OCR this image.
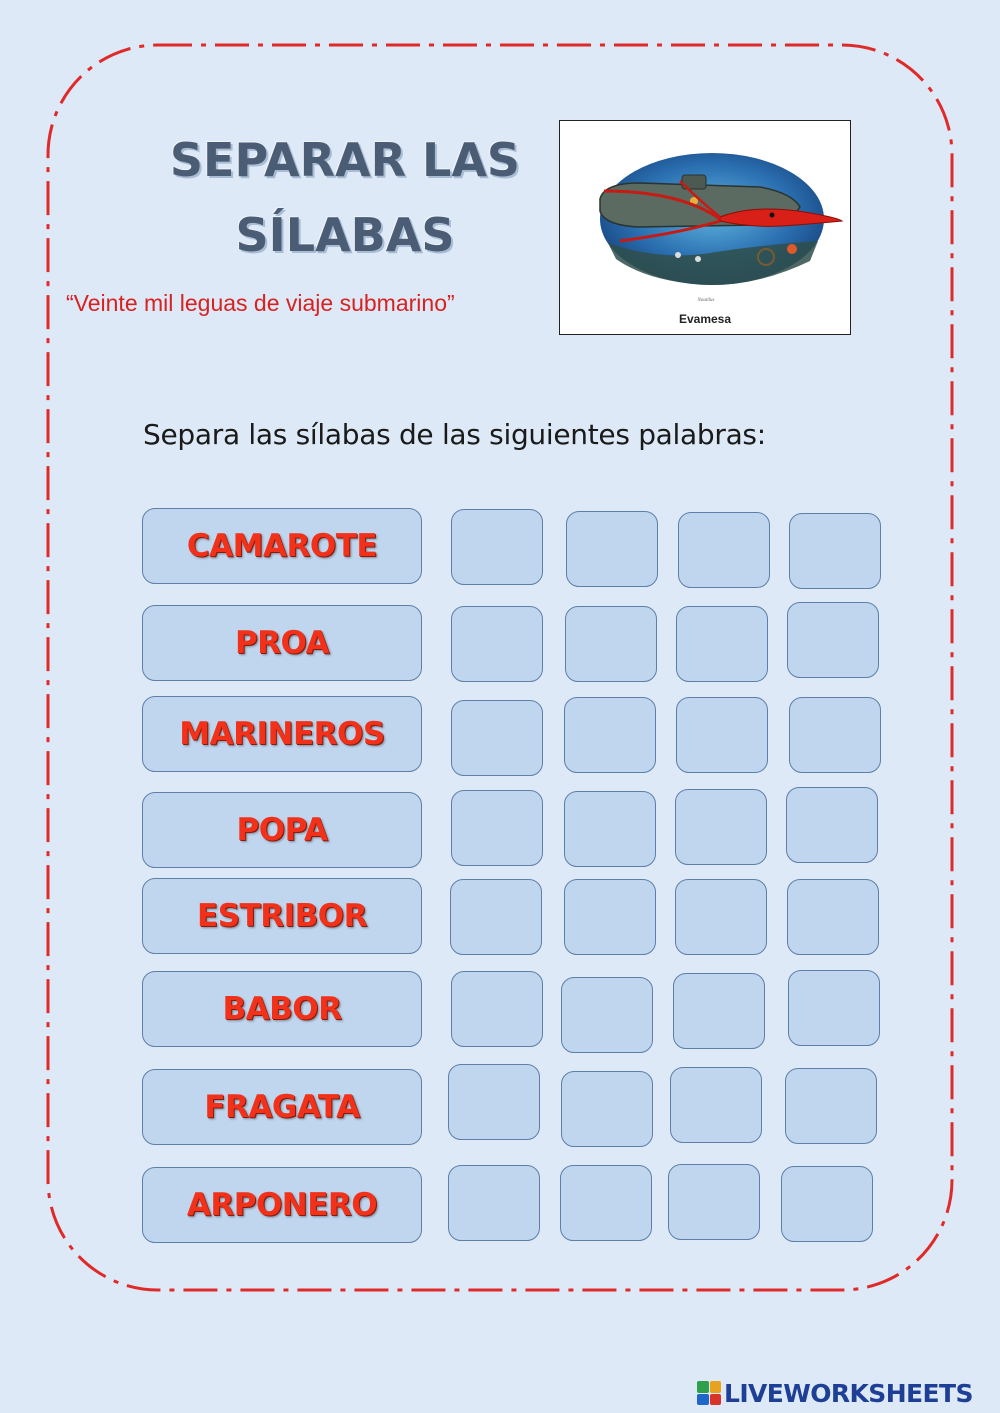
SEPARAR LAS
SÍLABAS

“Veinte mil leguas de viaje submarino”	Nautilus
Evamesa

Separa las sílabas de las siguientes palabras:

CAMAROTE
PROA
MARINEROS
POPA
ESTRIBOR
BABOR
FRAGATA
ARPONERO
LIVEWORKSHEETS
